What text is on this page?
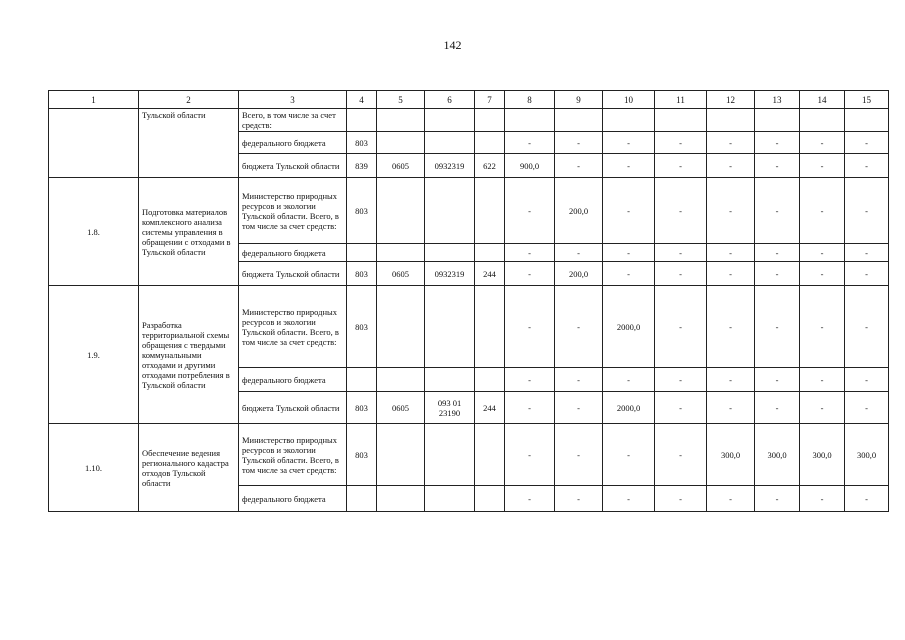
142
1	2	3	4	5	6	7	8	9	10	11	12	13	14	15
	Тульской области	Всего, в том числе за счет средств:												
		федерального бюджета	803				-	-	-	-	-	-	-	-
		бюджета Тульской области	839	0605	0932319	622	900,0	-	-	-	-	-	-	-
1.8.	Подготовка материалов комплексного анализа системы управления в обращении с отходами в Тульской области	Министерство природных ресурсов и экологии Тульской области. Всего, в том числе за счет средств:	803				-	200,0	-	-	-	-	-	-
		федерального бюджета					-	-	-	-	-	-	-	-
		бюджета Тульской области	803	0605	0932319	244	-	200,0	-	-	-	-	-	-
1.9.	Разработка территориальной схемы обращения с твердыми коммунальными отходами и другими отходами потребления в Тульской области	Министерство природных ресурсов и экологии Тульской области. Всего, в том числе за счет средств:	803				-	-	2000,0	-	-	-	-	-
		федерального бюджета					-	-	-	-	-	-	-	-
		бюджета Тульской области	803	0605	093 01 23190	244	-	-	2000,0	-	-	-	-	-
1.10.	Обеспечение ведения регионального кадастра отходов Тульской области	Министерство природных ресурсов и экологии Тульской области. Всего, в том числе за счет средств:	803				-	-	-	-	300,0	300,0	300,0	300,0
		федерального бюджета					-	-	-	-	-	-	-	-
